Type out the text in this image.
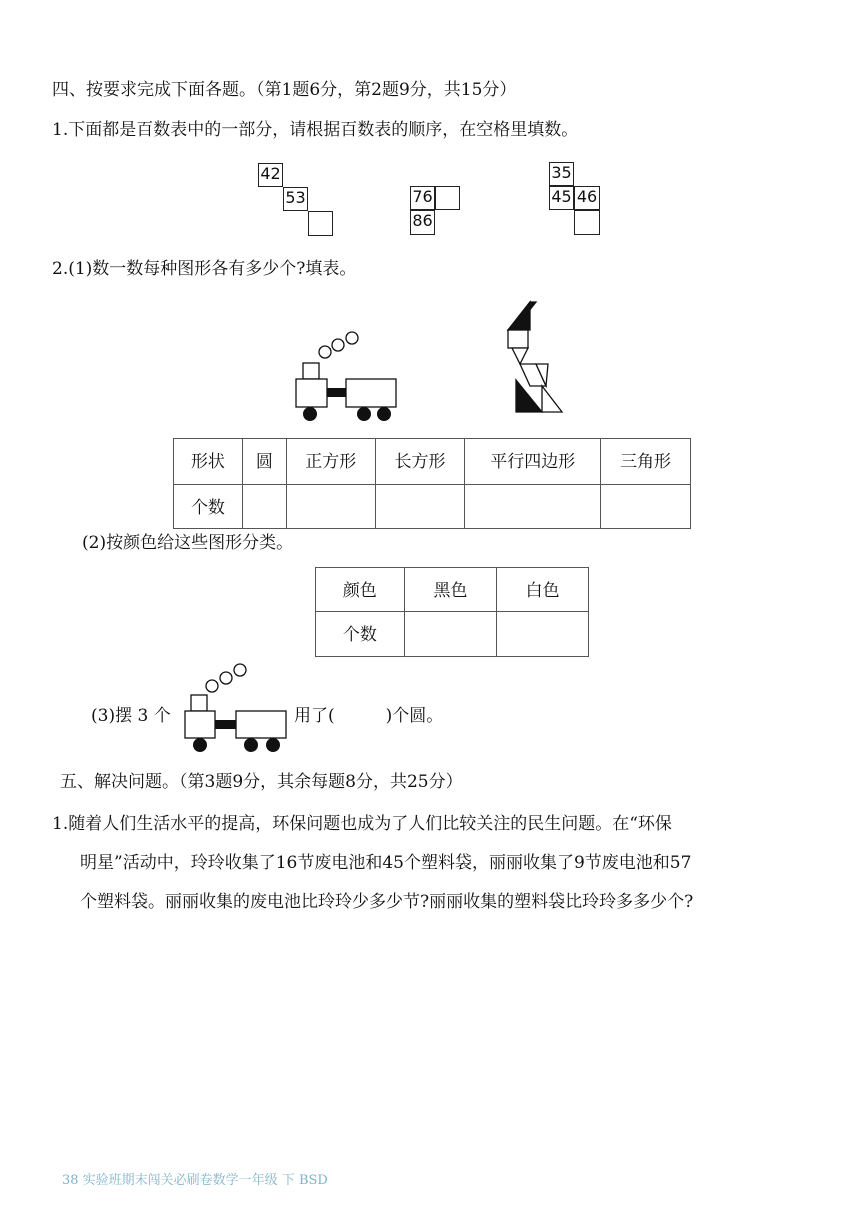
四、按要求完成下面各题。（第1题6分，第2题9分，共15分）
1.下面都是百数表中的一部分，请根据百数表的顺序，在空格里填数。
42
53	76
86
35
45 46
2.(1)数一数每种图形各有多少个?填表。
形状	圆	正方形	长方形	平行四边形	三角形
个数					
(2)按颜色给这些图形分类。
颜色	黑色	白色
个数		
(3)摆 3 个	用了(　　　)个圆。
五、解决问题。（第3题9分，其余每题8分，共25分）
1.随着人们生活水平的提高，环保问题也成为了人们比较关注的民生问题。在“环保
明星”活动中，玲玲收集了16节废电池和45个塑料袋，丽丽收集了9节废电池和57
个塑料袋。丽丽收集的废电池比玲玲少多少节?丽丽收集的塑料袋比玲玲多多少个?
38 实验班期末闯关必刷卷数学一年级 下 BSD
